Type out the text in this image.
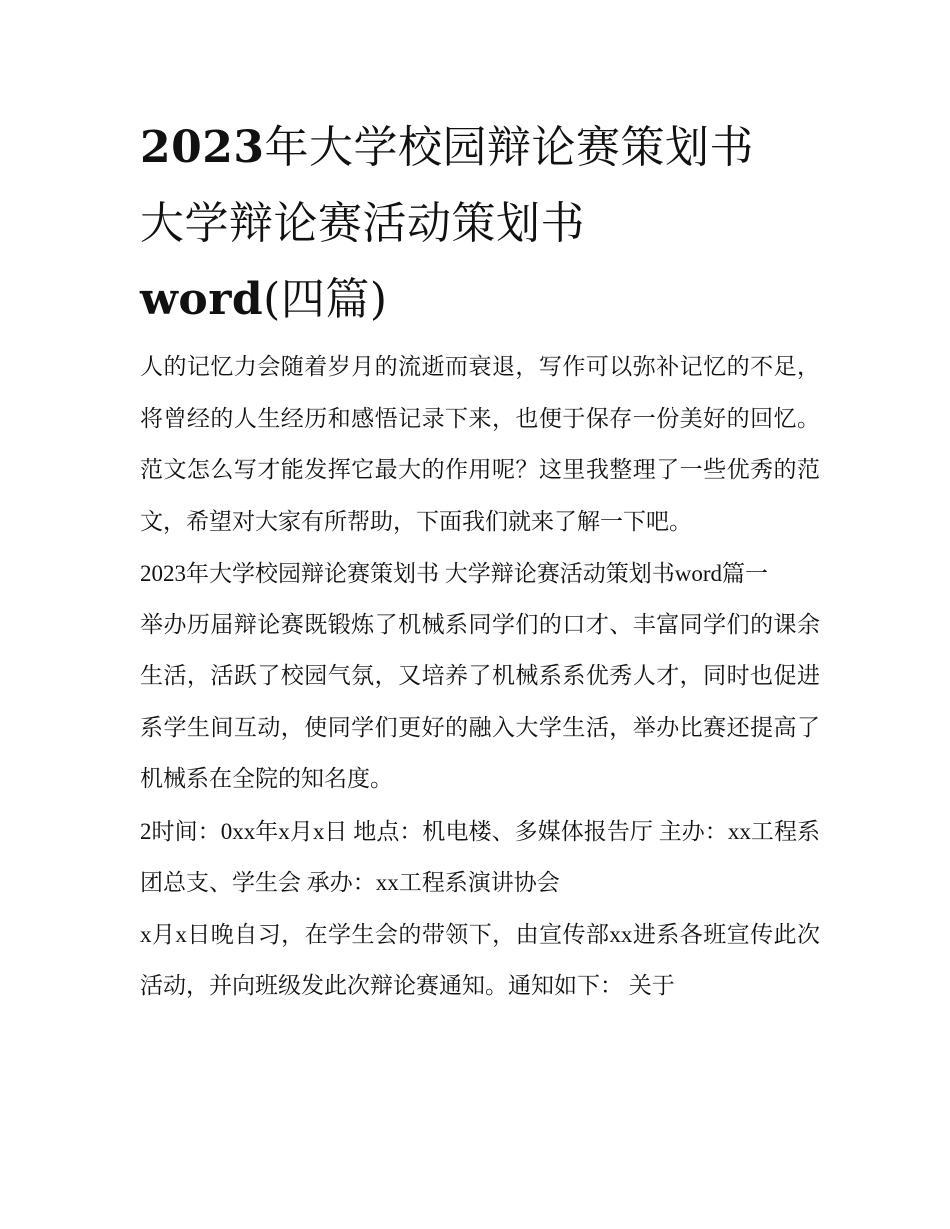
2023年大学校园辩论赛策划书
大学辩论赛活动策划书
word(四篇)

人的记忆力会随着岁月的流逝而衰退，写作可以弥补记忆的不足，将曾经的人生经历和感悟记录下来，也便于保存一份美好的回忆。范文怎么写才能发挥它最大的作用呢？这里我整理了一些优秀的范文，希望对大家有所帮助，下面我们就来了解一下吧。

2023年大学校园辩论赛策划书 大学辩论赛活动策划书word篇一

举办历届辩论赛既锻炼了机械系同学们的口才、丰富同学们的课余生活，活跃了校园气氛，又培养了机械系系优秀人才，同时也促进系学生间互动，使同学们更好的融入大学生活，举办比赛还提高了机械系在全院的知名度。

2时间：0xx年x月x日 地点：机电楼、多媒体报告厅 主办：xx工程系团总支、学生会 承办：xx工程系演讲协会

x月x日晚自习，在学生会的带领下，由宣传部xx进系各班宣传此次活动，并向班级发此次辩论赛通知。通知如下： 关于
